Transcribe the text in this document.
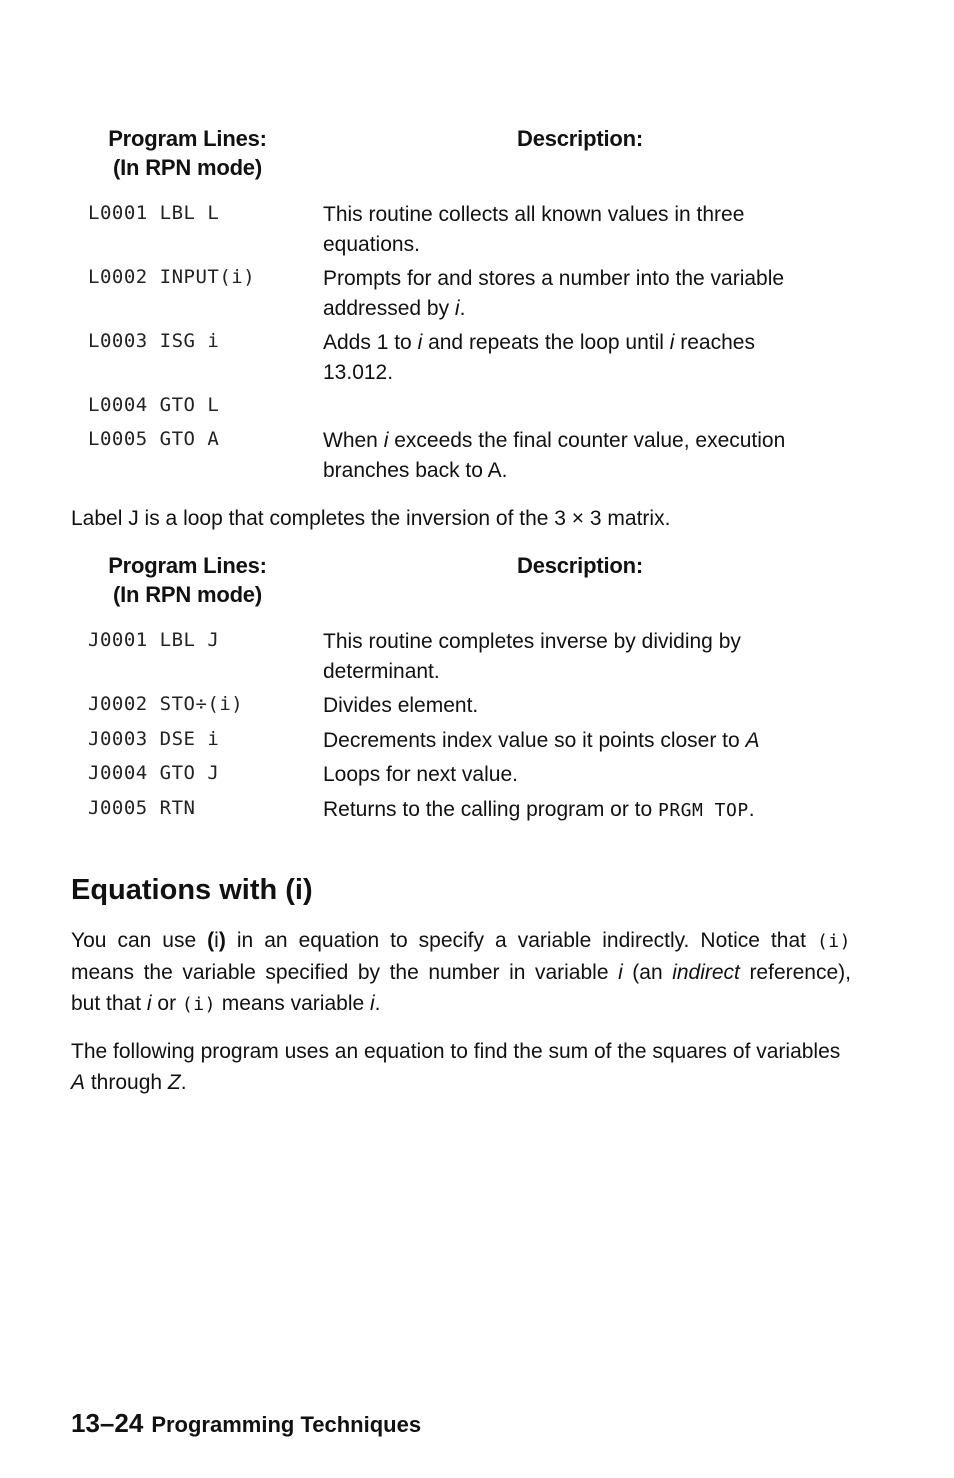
Program Lines:
(In RPN mode)
Description:
L0001 LBL L	This routine collects all known values in three
equations.
L0002 INPUT(i)	Prompts for and stores a number into the variable
addressed by i.
L0003 ISG i	Adds 1 to i and repeats the loop until i reaches
13.012.
L0004 GTO L
L0005 GTO A	When i exceeds the final counter value, execution
branches back to A.
Label J is a loop that completes the inversion of the 3 × 3 matrix.
Program Lines:
(In RPN mode)
Description:
J0001 LBL J	This routine completes inverse by dividing by
determinant.
J0002 STO÷(i)	Divides element.
J0003 DSE i	Decrements index value so it points closer to A
J0004 GTO J	Loops for next value.
J0005 RTN	Returns to the calling program or to PRGM TOP.
Equations with (i)
You can use (i) in an equation to specify a variable indirectly. Notice that (i)
means the variable specified by the number in variable i (an indirect reference),
but that i or (i) means variable i.
The following program uses an equation to find the sum of the squares of variables
A through Z.
13–24 Programming Techniques
